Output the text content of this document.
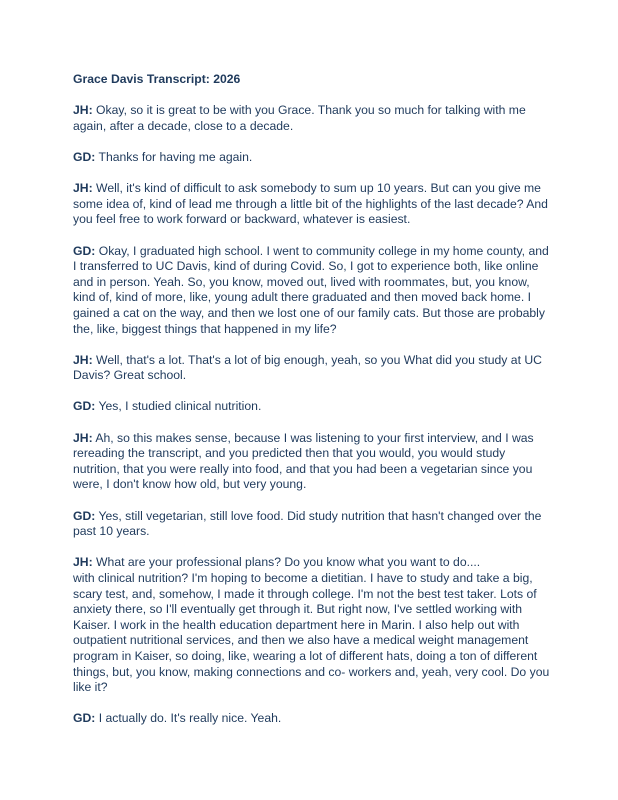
Grace Davis Transcript: 2026

JH: Okay, so it is great to be with you Grace. Thank you so much for talking with me again, after a decade, close to a decade.

GD: Thanks for having me again.

JH: Well, it's kind of difficult to ask somebody to sum up 10 years. But can you give me some idea of, kind of lead me through a little bit of the highlights of the last decade? And you feel free to work forward or backward, whatever is easiest.

GD: Okay, I graduated high school. I went to community college in my home county, and I transferred to UC Davis, kind of during Covid. So, I got to experience both, like online and in person. Yeah. So, you know, moved out, lived with roommates, but, you know, kind of, kind of more, like, young adult there graduated and then moved back home. I gained a cat on the way, and then we lost one of our family cats. But those are probably the, like, biggest things that happened in my life?

JH: Well, that's a lot. That's a lot of big enough, yeah, so you What did you study at UC Davis? Great school.

GD: Yes, I studied clinical nutrition.

JH: Ah, so this makes sense, because I was listening to your first interview, and I was rereading the transcript, and you predicted then that you would, you would study nutrition, that you were really into food, and that you had been a vegetarian since you were, I don't know how old, but very young.

GD: Yes, still vegetarian, still love food. Did study nutrition that hasn't changed over the past 10 years.

JH: What are your professional plans? Do you know what you want to do....
with clinical nutrition? I'm hoping to become a dietitian. I have to study and take a big, scary test, and, somehow, I made it through college. I'm not the best test taker. Lots of anxiety there, so I'll eventually get through it. But right now, I've settled working with Kaiser. I work in the health education department here in Marin. I also help out with outpatient nutritional services, and then we also have a medical weight management program in Kaiser, so doing, like, wearing a lot of different hats, doing a ton of different things, but, you know, making connections and co- workers and, yeah, very cool. Do you like it?

GD: I actually do. It's really nice. Yeah.
